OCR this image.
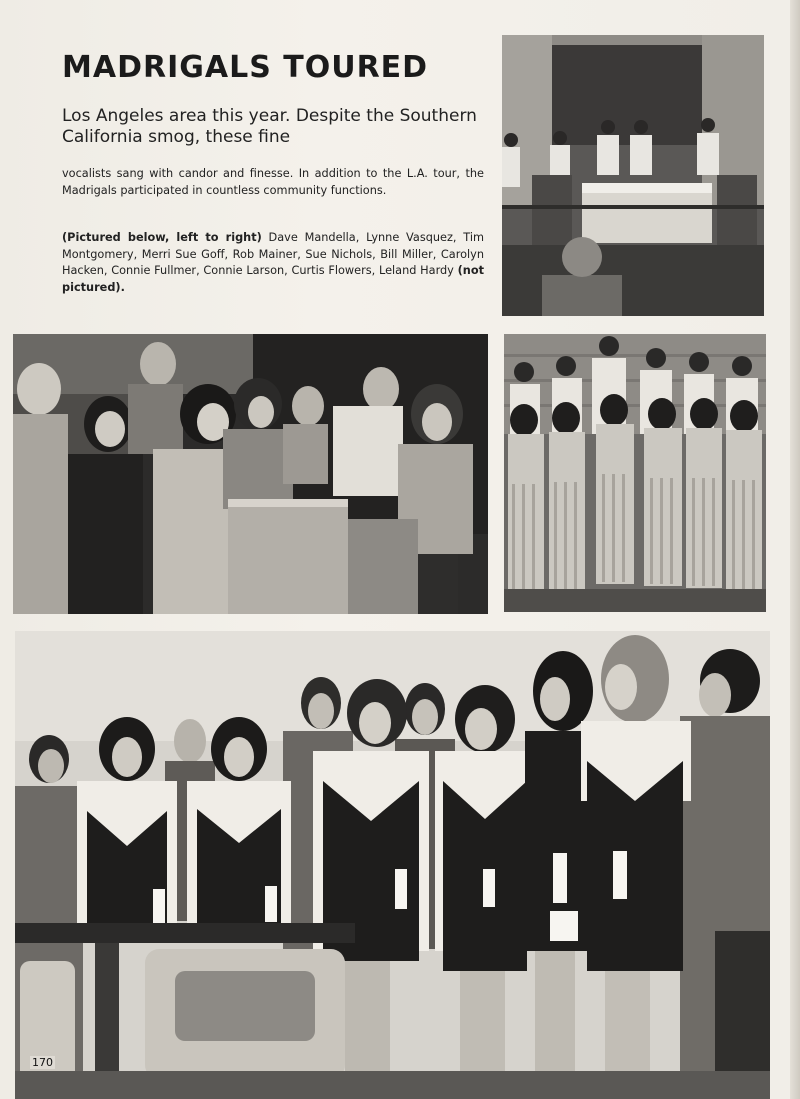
MADRIGALS TOURED
Los Angeles area this year. Despite the Southern California smog, these fine
vocalists sang with candor and finesse. In addition to the L.A. tour, the Madrigals participated in countless community functions.
(Pictured below, left to right) Dave Mandella, Lynne Vasquez, Tim Montgomery, Merri Sue Goff, Rob Mainer, Sue Nichols, Bill Miller, Carolyn Hacken, Connie Fullmer, Connie Larson, Curtis Flowers, Leland Hardy (not pictured).
170
